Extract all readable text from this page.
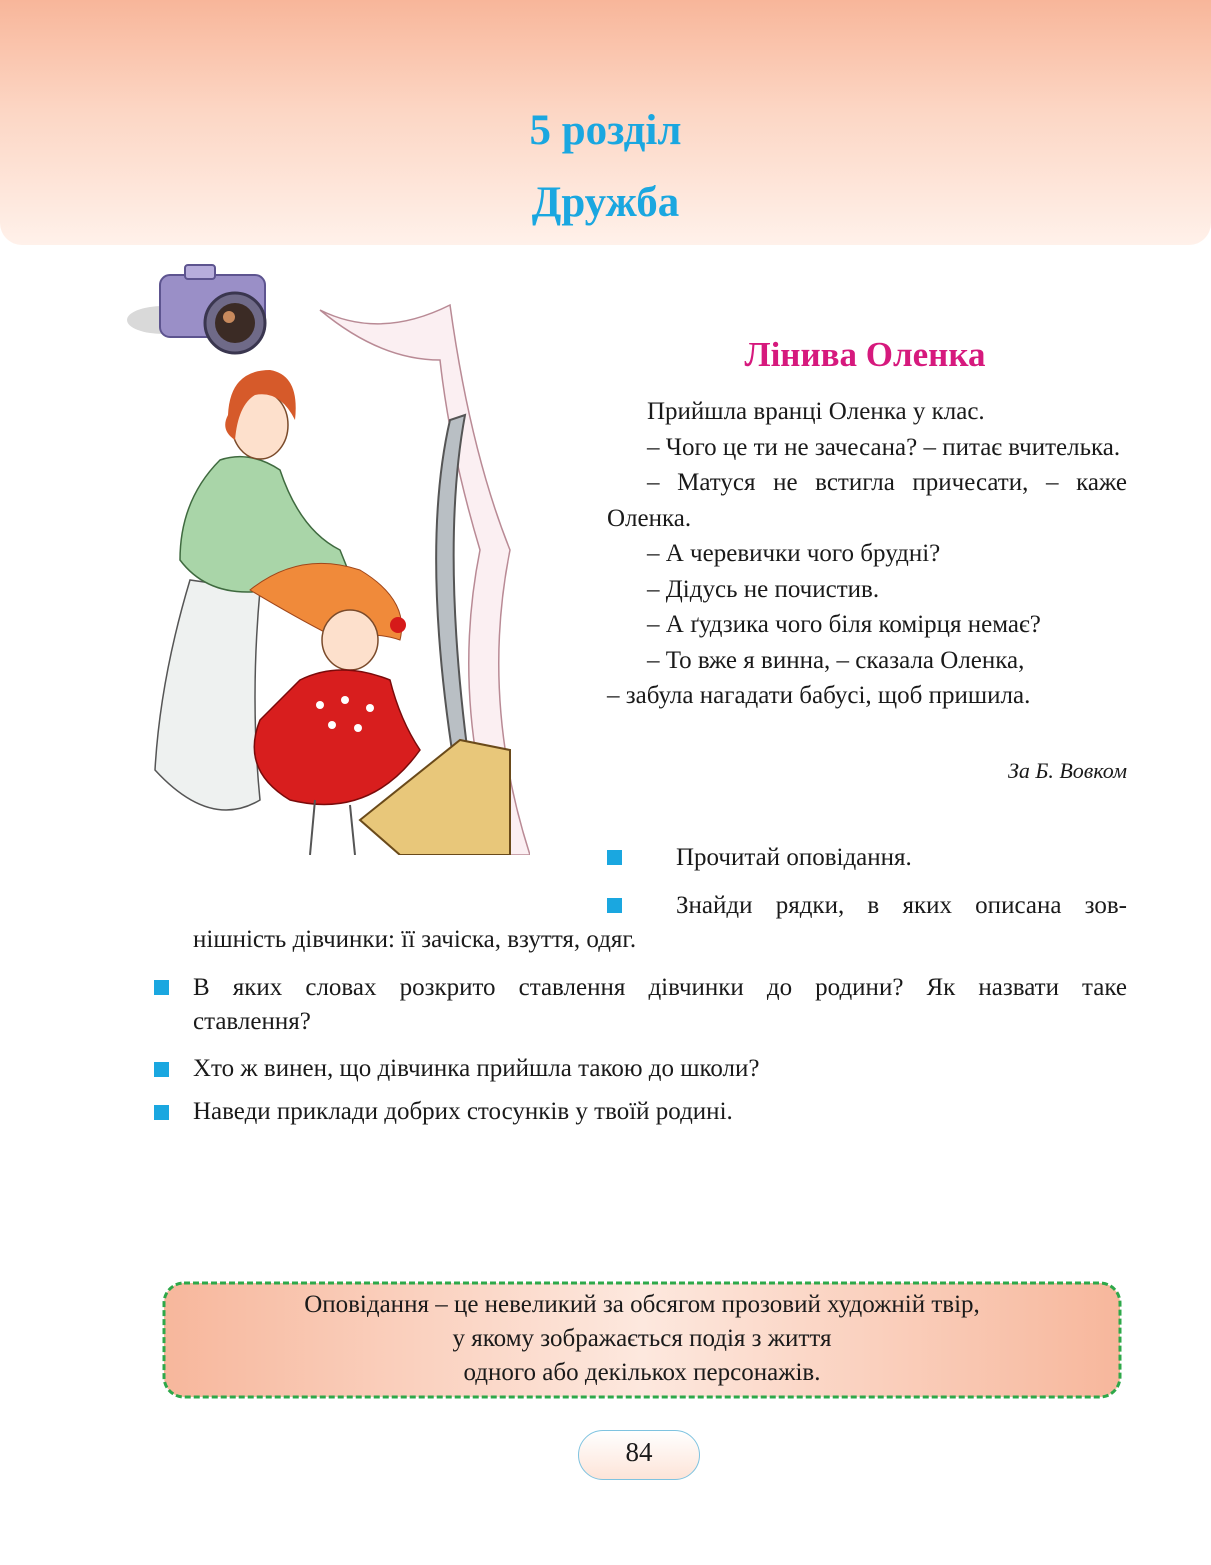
5 розділ
Дружба
Лінива Оленка

Прийшла вранці Оленка у клас.

– Чого це ти не зачесана? – питає вчителька.

– Матуся не встигла причесати, – каже Оленка.

– А черевички чого брудні?

– Дідусь не почистив.

– А ґудзика чого біля комірця немає?

– То вже я винна, – сказала Оленка,

– забула нагадати бабусі, щоб пришила.

За Б. Вовком
Прочитай оповідання.
Знайди рядки, в яких описана зов-
нішність дівчинки: її зачіска, взуття, одяг.
В яких словах розкрито ставлення дівчинки до родини? Як назвати таке
ставлення?
Хто ж винен, що дівчинка прийшла такою до школи?
Наведи приклади добрих стосунків у твоїй родині.
Оповідання – це невеликий за обсягом прозовий художній твір,
у якому зображається подія з життя
одного або декількох персонажів.
84
